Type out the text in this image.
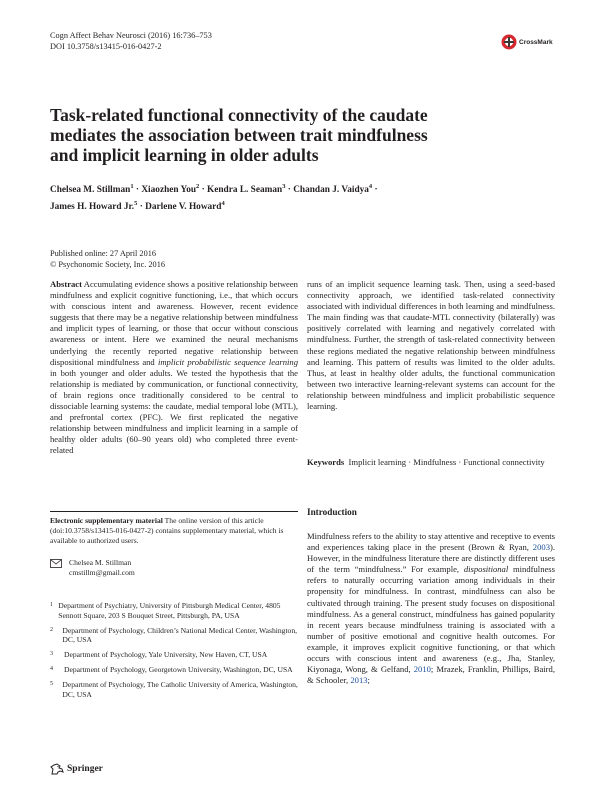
Cogn Affect Behav Neurosci (2016) 16:736–753
DOI 10.3758/s13415-016-0427-2	CrossMark
Task-related functional connectivity of the caudate mediates the association between trait mindfulness and implicit learning in older adults
Chelsea M. Stillman$^1$ · Xiaozhen You$^2$ · Kendra L. Seaman$^3$ · Chandan J. Vaidya$^4$ ·
James H. Howard Jr.$^5$ · Darlene V. Howard$^4$
Published online: 27 April 2016
© Psychonomic Society, Inc. 2016

Abstract Accumulating evidence shows a positive relationship between mindfulness and explicit cognitive functioning, i.e., that which occurs with conscious intent and awareness. However, recent evidence suggests that there may be a negative relationship between mindfulness and implicit types of learning, or those that occur without conscious awareness or intent. Here we examined the neural mechanisms underlying the recently reported negative relationship between dispositional mindfulness and implicit probabilistic sequence learning in both younger and older adults. We tested the hypothesis that the relationship is mediated by communication, or functional connectivity, of brain regions once traditionally considered to be central to dissociable learning systems: the caudate, medial temporal lobe (MTL), and prefrontal cortex (PFC). We first replicated the negative relationship between mindfulness and implicit learning in a sample of healthy older adults (60–90 years old) who completed three event-related

runs of an implicit sequence learning task. Then, using a seed-based connectivity approach, we identified task-related connectivity associated with individual differences in both learning and mindfulness. The main finding was that caudate-MTL connectivity (bilaterally) was positively correlated with learning and negatively correlated with mindfulness. Further, the strength of task-related connectivity between these regions mediated the negative relationship between mindfulness and learning. This pattern of results was limited to the older adults. Thus, at least in healthy older adults, the functional communication between two interactive learning-relevant systems can account for the relationship between mindfulness and implicit probabilistic sequence learning.

Keywords Implicit learning · Mindfulness · Functional connectivity
Introduction

Mindfulness refers to the ability to stay attentive and receptive to events and experiences taking place in the present (Brown & Ryan, 2003). However, in the mindfulness literature there are distinctly different uses of the term “mindfulness.” For example, dispositional mindfulness refers to naturally occurring variation among individuals in their propensity for mindfulness. In contrast, mindfulness can also be cultivated through training. The present study focuses on dispositional mindfulness. As a general construct, mindfulness has gained popularity in recent years because mindfulness training is associated with a number of positive emotional and cognitive health outcomes. For example, it improves explicit cognitive functioning, or that which occurs with conscious intent and awareness (e.g., Jha, Stanley, Kiyonaga, Wong, & Gelfand, 2010; Mrazek, Franklin, Phillips, Baird, & Schooler, 2013;

Electronic supplementary material The online version of this article (doi:10.3758/s13415-016-0427-2) contains supplementary material, which is available to authorized users.
Chelsea M. Stillman
cmstillm@gmail.com
1 Department of Psychiatry, University of Pittsburgh Medical Center, 4805 Sennott Square, 203 S Bouquet Street, Pittsburgh, PA, USA
2	Department of Psychology, Children’s National Medical Center, Washington, DC, USA
3	Department of Psychology, Yale University, New Haven, CT, USA
4	Department of Psychology, Georgetown University, Washington, DC, USA
5	Department of Psychology, The Catholic University of America, Washington, DC, USA
Springer
